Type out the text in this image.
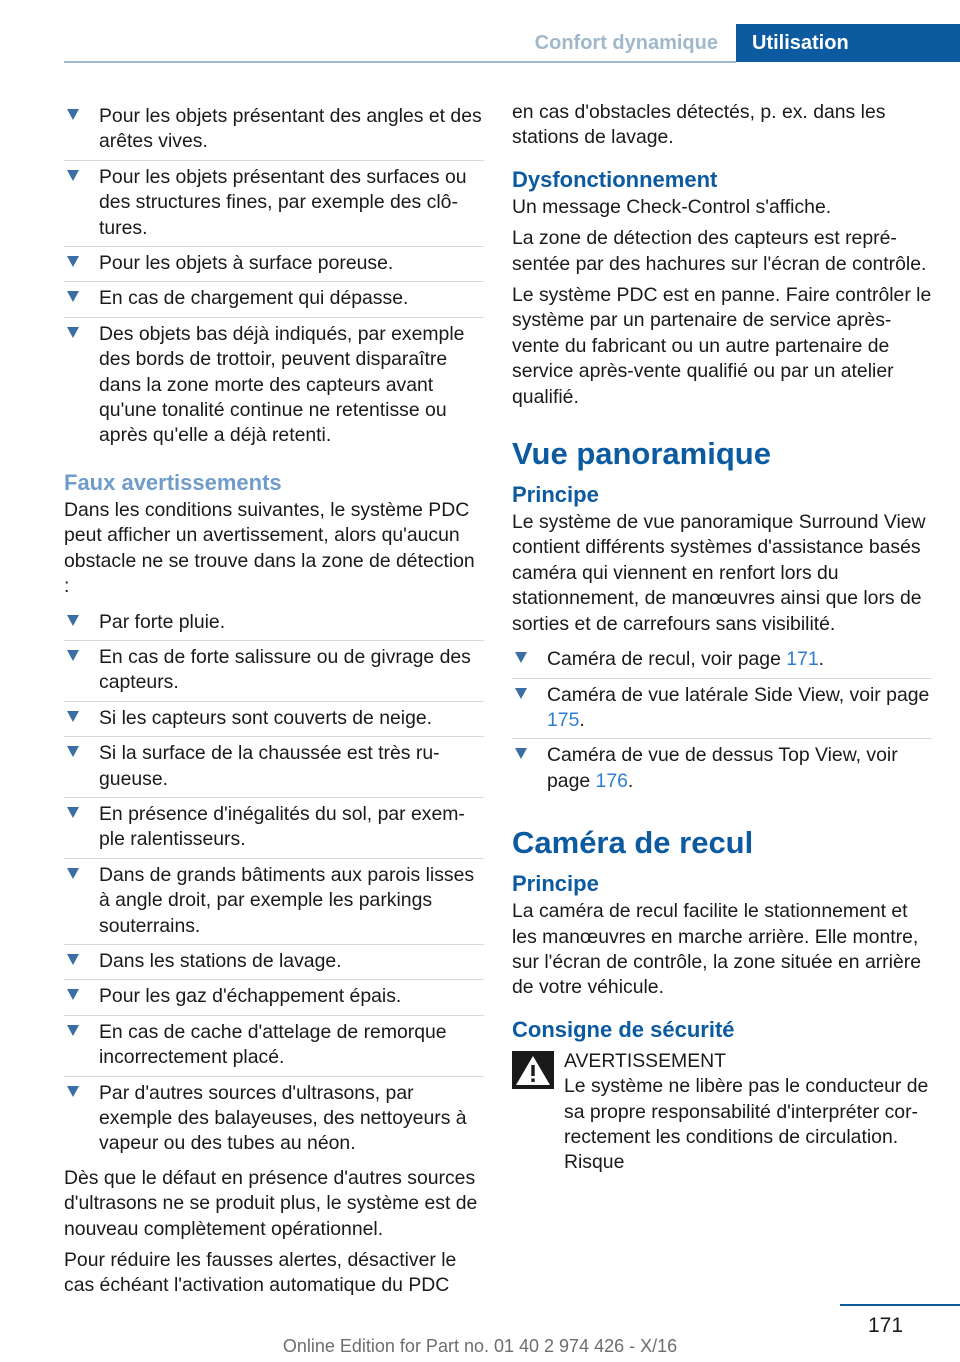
Confort dynamique	Utilisation
Pour les objets présentant des angles et des arêtes vives.
Pour les objets présentant des surfaces ou des structures fines, par exemple des clôtures.
Pour les objets à surface poreuse.
En cas de chargement qui dépasse.
Des objets bas déjà indiqués, par exemple des bords de trottoir, peuvent disparaître dans la zone morte des capteurs avant qu'une tonalité continue ne retentisse ou après qu'elle a déjà retenti.
Faux avertissements

Dans les conditions suivantes, le système PDC peut afficher un avertissement, alors qu'aucun obstacle ne se trouve dans la zone de détection :

Par forte pluie.
En cas de forte salissure ou de givrage des capteurs.
Si les capteurs sont couverts de neige.
Si la surface de la chaussée est très rugueuse.
En présence d'inégalités du sol, par exemple ralentisseurs.
Dans de grands bâtiments aux parois lisses à angle droit, par exemple les parkings souterrains.
Dans les stations de lavage.
Pour les gaz d'échappement épais.
En cas de cache d'attelage de remorque incorrectement placé.
Par d'autres sources d'ultrasons, par exemple des balayeuses, des nettoyeurs à vapeur ou des tubes au néon.

Dès que le défaut en présence d'autres sources d'ultrasons ne se produit plus, le système est de nouveau complètement opérationnel.

Pour réduire les fausses alertes, désactiver le cas échéant l'activation automatique du PDC

en cas d'obstacles détectés, p. ex. dans les stations de lavage.

Dysfonctionnement

Un message Check-Control s'affiche.

La zone de détection des capteurs est représentée par des hachures sur l'écran de contrôle.

Le système PDC est en panne. Faire contrôler le système par un partenaire de service après-vente du fabricant ou un autre partenaire de service après-vente qualifié ou par un atelier qualifié.

Vue panoramique
Principe

Le système de vue panoramique Surround View contient différents systèmes d'assistance basés caméra qui viennent en renfort lors du stationnement, de manœuvres ainsi que lors de sorties et de carrefours sans visibilité.

Caméra de recul, voir page 171.
Caméra de vue latérale Side View, voir page 175.
Caméra de vue de dessus Top View, voir page 176.
Caméra de recul
Principe

La caméra de recul facilite le stationnement et les manœuvres en marche arrière. Elle montre, sur l'écran de contrôle, la zone située en arrière de votre véhicule.

Consigne de sécurité
AVERTISSEMENT
Le système ne libère pas le conducteur de sa propre responsabilité d'interpréter correctement les conditions de circulation. Risque
171
Online Edition for Part no. 01 40 2 974 426 - X/16
